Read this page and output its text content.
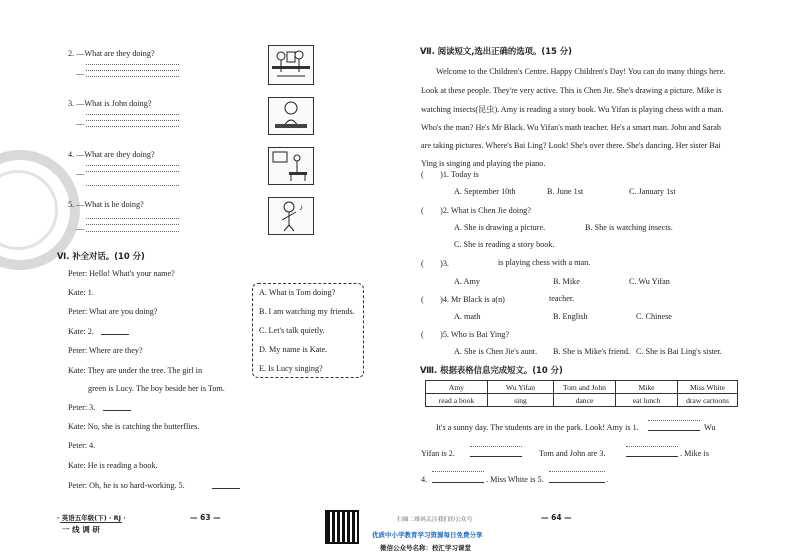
2. —What are they doing?
—
3. —What is John doing?
—
4. —What are they doing?
—
5. —What is he doing?
—
♪
Ⅵ. 补全对话。(10 分)
Peter: Hello! What's your name?
Kate: 1.
Peter: What are you doing?
Kate: 2.
Peter: Where are they?
Kate: They are under the tree. The girl in
green is Lucy. The boy beside her is Tom.
Peter: 3.
Kate: No, she is catching the butterflies.
Peter: 4.
Kate: He is reading a book.
Peter: Oh, he is so hard-working. 5.
A. What is Tom doing?
B. I am watching my friends.
C. Let's talk quietly.
D. My name is Kate.
E. Is Lucy singing?
Ⅶ. 阅读短文,选出正确的选项。(15 分)
Welcome to the Children's Centre. Happy Children's Day! You can do many things here.
Look at these people. They're very active. This is Chen Jie. She's drawing a picture. Mike is
watching insects(昆虫). Amy is reading a story book. Wu Yifan is playing chess with a man.
Who's the man? He's Mr Black. Wu Yifan's math teacher. He's a smart man. John and Sarah
are taking pictures. Where's Bai Ling? Look! She's over there. She's dancing. Her sister Bai
Ying is singing and playing the piano.
(　　)1. Today is
A. September 10th	B. June 1st	C. January 1st
(　　)2. What is Chen Jie doing?
A. She is drawing a picture.	B. She is watching insects.
C. She is reading a story book.
(　　)3.	is playing chess with a man.
A. Amy	B. Mike	C. Wu Yifan
(　　)4. Mr Black is a(n)	teacher.
A. math	B. English	C. Chinese
(　　)5. Who is Bai Ying?
A. She is Chen Jie's aunt. B. She is Mike's friend. C. She is Bai Ling's sister.
Ⅷ. 根据表格信息完成短文。(10 分)
Amy	Wu Yifan	Tom and John	Mike	Miss White
read a book	sing	dance	eat lunch	draw cartoons
It's a sunny day. The students are in the park. Look! Amy is 1.	Wu
Yifan is 2.	Tom and John are 3.	. Mike is
4.	. Miss White is 5.	.
· 英语五年级(下) · RJ ·
一 线 调 研
— 63 —	— 64 —
扫描二维码关注我们的公众号
优质中小学教育学习资源每日免费分享
微信公众号名称：校汇学习课堂
